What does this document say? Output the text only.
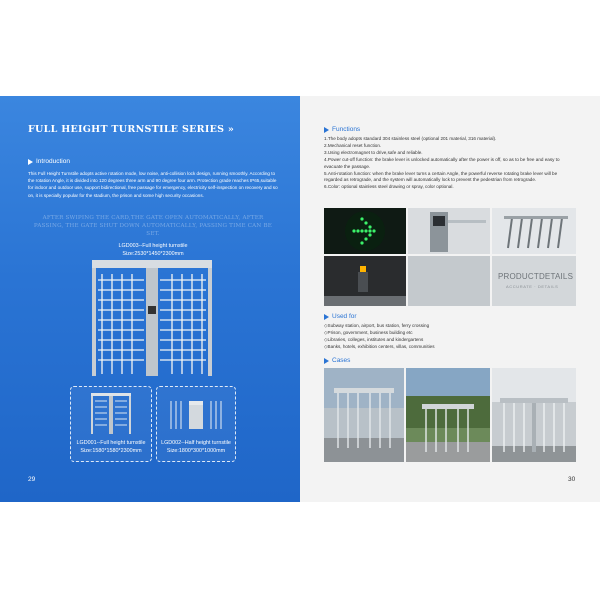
FULL HEIGHT TURNSTILE SERIES »
Introduction
This Full Height Turnstile adopts active rotation mode, low noise, anti-collision lock design, running smoothly. According to the rotation Angle, it is divided into 120 degrees three arm and 90 degree four arm. Protection grade reaches IP65,suitable for indoor and outdoor use, support bidirectional, free passage for emergency, electricity self-inspection on recovery and so on, it is specially popular for the stadium, the prison and some high security occasions.
AFTER SWIPING THE CARD,THE GATE OPEN AUTOMATICALLY, AFTER PASSING, THE GATE SHUT DOWN AUTOMATICALLY, PASSING TIME CAN BE SET.
LGD003--Full height turnstile
Size:2530*1450*2300mm
LGD001--Full height turnstile
Size:1580*1580*2300mm
LGD002--Half height turnstile
Size:1800*300*1000mm
29
Functions
1.The body adopts standard 304 stainless steel (optional 201 material, 316 material).
2.Mechanical reset function.
3.Using electromagnet to drive,safe and reliable.
4.Power cut-off function: the brake lever is unlocked automatically after the power is off, so as to be free and easy to evacuate the passage.
5.Anti-rotation function: when the brake lever turns a certain Angle, the powerful reverse rotating brake lever will be regarded as retrograde, and the system will automatically lock to prevent the pedestrian from retrograde.
6.Color: optional stainless steel drawing or spray, color optional.
PRODUCTDETAILS
ACCURATE · DETAILS
Used for
◇Subway station, airport, bus station, ferry crossing
◇Prison, government, business building etc
◇Libraries, colleges, institutes and kindergartens
◇Banks, hotels, exhibition centers, villas, communities
Cases
30
